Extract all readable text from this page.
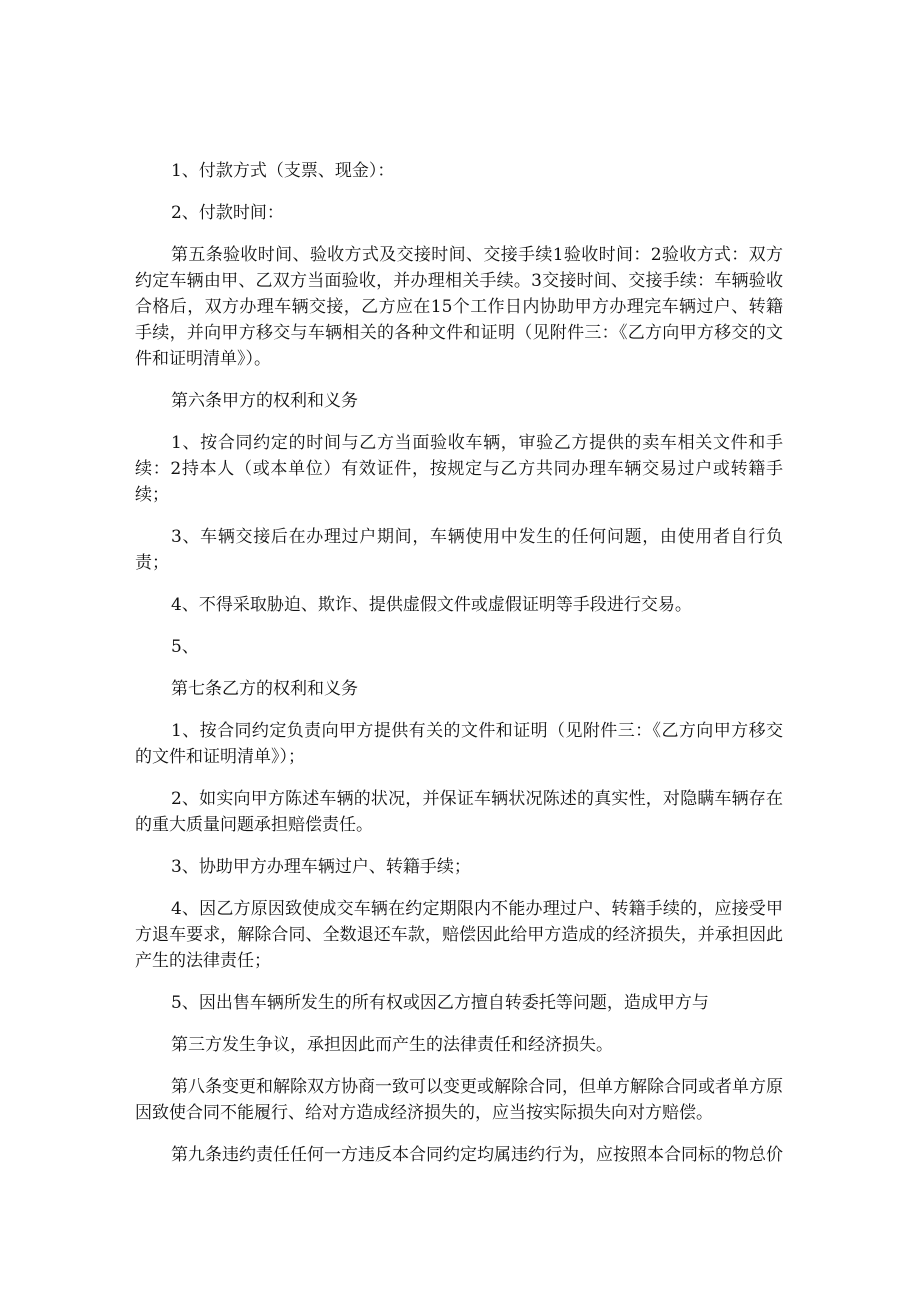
1、付款方式（支票、现金）：

2、付款时间：

第五条验收时间、验收方式及交接时间、交接手续1验收时间：2验收方式：双方约定车辆由甲、乙双方当面验收，并办理相关手续。3交接时间、交接手续：车辆验收合格后，双方办理车辆交接，乙方应在15个工作日内协助甲方办理完车辆过户、转籍手续，并向甲方移交与车辆相关的各种文件和证明（见附件三：《乙方向甲方移交的文件和证明清单》）。

第六条甲方的权利和义务

1、按合同约定的时间与乙方当面验收车辆，审验乙方提供的卖车相关文件和手续：2持本人（或本单位）有效证件，按规定与乙方共同办理车辆交易过户或转籍手续；

3、车辆交接后在办理过户期间，车辆使用中发生的任何问题，由使用者自行负责；

4、不得采取胁迫、欺诈、提供虚假文件或虚假证明等手段进行交易。

5、

第七条乙方的权利和义务

1、按合同约定负责向甲方提供有关的文件和证明（见附件三：《乙方向甲方移交的文件和证明清单》）；

2、如实向甲方陈述车辆的状况，并保证车辆状况陈述的真实性，对隐瞒车辆存在的重大质量问题承担赔偿责任。

3、协助甲方办理车辆过户、转籍手续；

4、因乙方原因致使成交车辆在约定期限内不能办理过户、转籍手续的，应接受甲方退车要求，解除合同、全数退还车款，赔偿因此给甲方造成的经济损失，并承担因此产生的法律责任；

5、因出售车辆所发生的所有权或因乙方擅自转委托等问题，造成甲方与

第三方发生争议，承担因此而产生的法律责任和经济损失。

第八条变更和解除双方协商一致可以变更或解除合同，但单方解除合同或者单方原因致使合同不能履行、给对方造成经济损失的，应当按实际损失向对方赔偿。

第九条违约责任任何一方违反本合同约定均属违约行为，应按照本合同标的物总价
